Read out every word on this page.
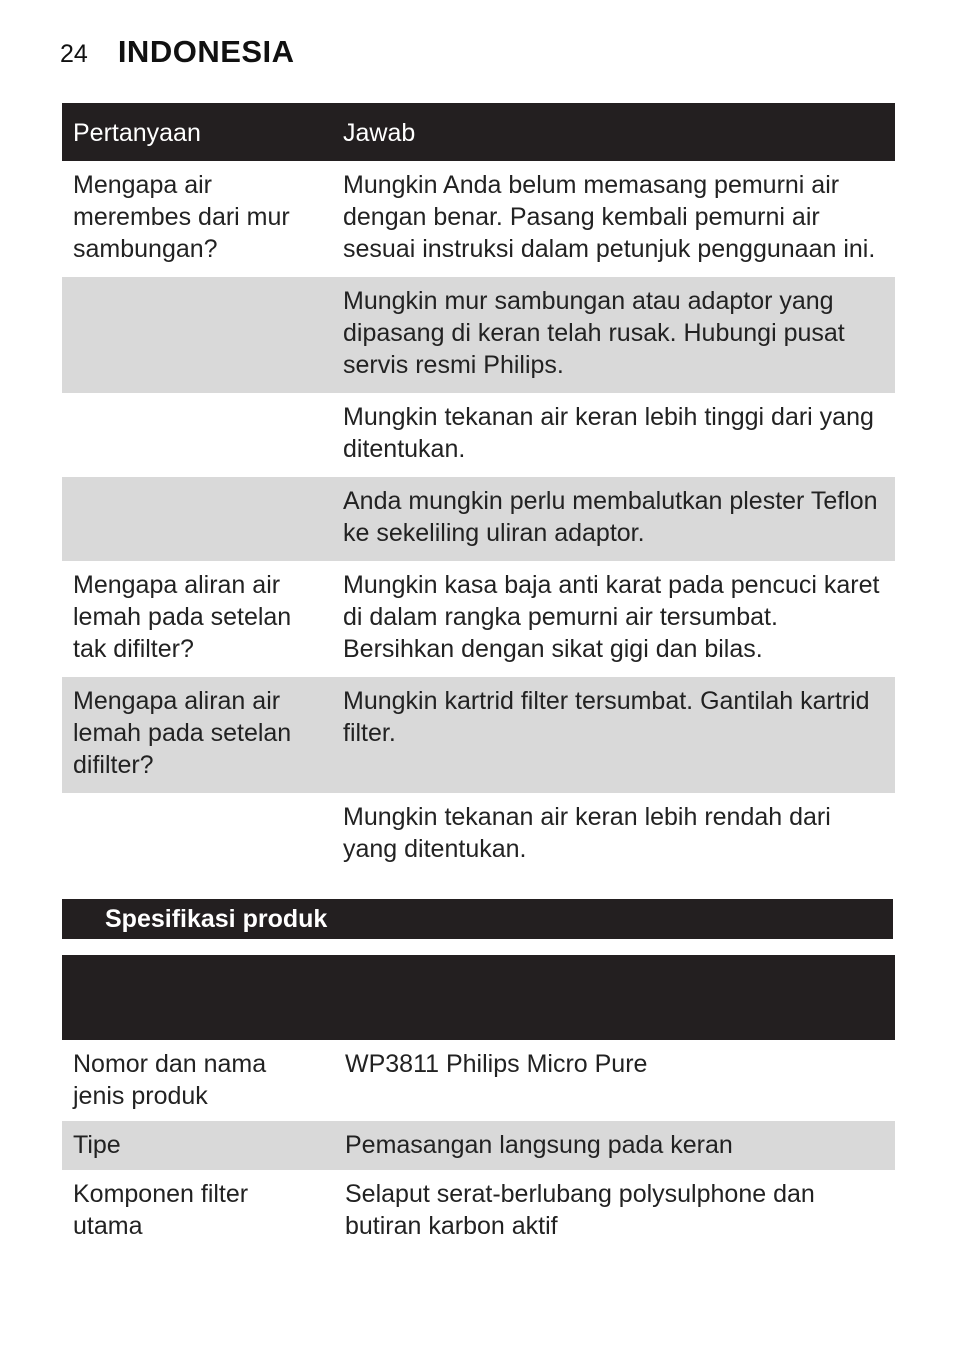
24 INDONESIA
Pertanyaan	Jawab
Mengapa air merembes dari mur sambungan?	Mungkin Anda belum memasang pemurni air dengan benar. Pasang kembali pemurni air sesuai instruksi dalam petunjuk penggunaan ini.
	Mungkin mur sambungan atau adaptor yang dipasang di keran telah rusak. Hubungi pusat servis resmi Philips.
	Mungkin tekanan air keran lebih tinggi dari yang ditentukan.
	Anda mungkin perlu membalutkan plester Teflon ke sekeliling uliran adaptor.
Mengapa aliran air lemah pada setelan tak difilter?	Mungkin kasa baja anti karat pada pencuci karet di dalam rangka pemurni air tersumbat. Bersihkan dengan sikat gigi dan bilas.
Mengapa aliran air lemah pada setelan difilter?	Mungkin kartrid filter tersumbat. Gantilah kartrid filter.
	Mungkin tekanan air keran lebih rendah dari yang ditentukan.
Spesifikasi produk
Nomor dan nama jenis produk	WP3811 Philips Micro Pure
Tipe	Pemasangan langsung pada keran
Komponen filter utama	Selaput serat-berlubang polysulphone dan butiran karbon aktif
